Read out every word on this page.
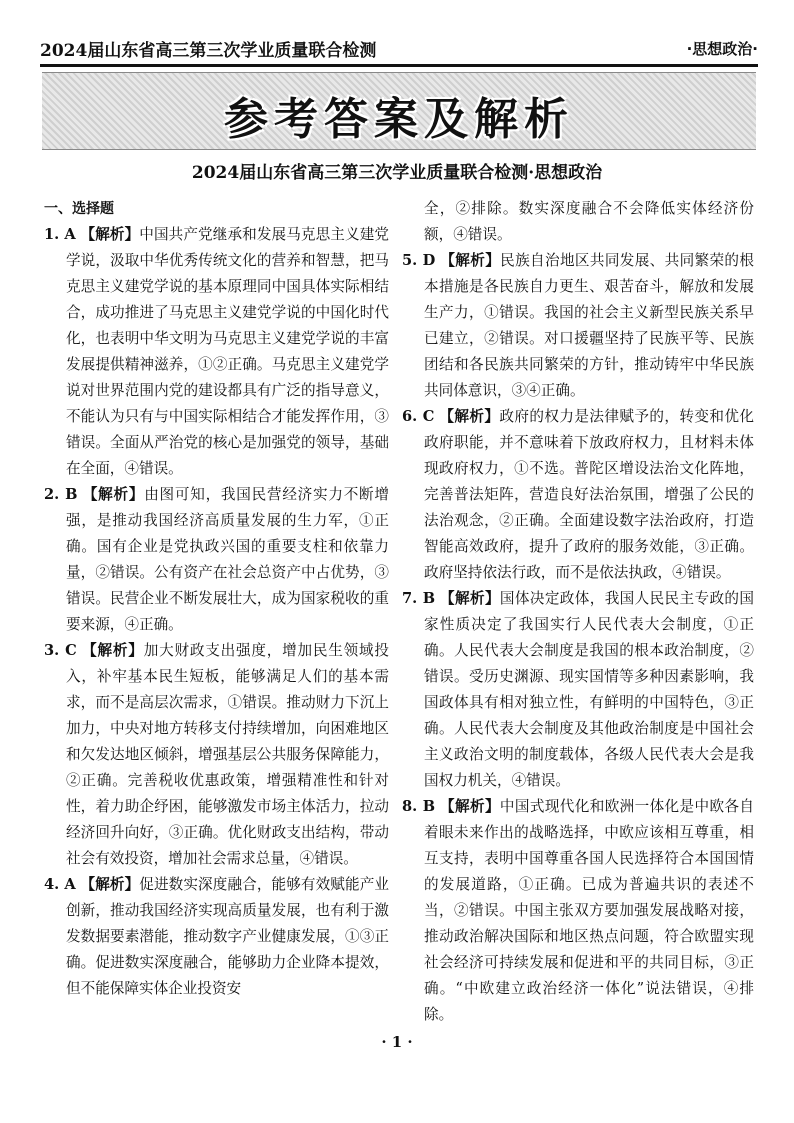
2024届山东省高三第三次学业质量联合检测	·思想政治·
参考答案及解析
2024届山东省高三第三次学业质量联合检测·思想政治
一、选择题

1. A 【解析】中国共产党继承和发展马克思主义建党学说，汲取中华优秀传统文化的营养和智慧，把马克思主义建党学说的基本原理同中国具体实际相结合，成功推进了马克思主义建党学说的中国化时代化，也表明中华文明为马克思主义建党学说的丰富发展提供精神滋养，①②正确。马克思主义建党学说对世界范围内党的建设都具有广泛的指导意义，不能认为只有与中国实际相结合才能发挥作用，③错误。全面从严治党的核心是加强党的领导，基础在全面，④错误。

2. B 【解析】由图可知，我国民营经济实力不断增强，是推动我国经济高质量发展的生力军，①正确。国有企业是党执政兴国的重要支柱和依靠力量，②错误。公有资产在社会总资产中占优势，③错误。民营企业不断发展壮大，成为国家税收的重要来源，④正确。

3. C 【解析】加大财政支出强度，增加民生领域投入，补牢基本民生短板，能够满足人们的基本需求，而不是高层次需求，①错误。推动财力下沉上加力，中央对地方转移支付持续增加，向困难地区和欠发达地区倾斜，增强基层公共服务保障能力，②正确。完善税收优惠政策，增强精准性和针对性，着力助企纾困，能够激发市场主体活力，拉动经济回升向好，③正确。优化财政支出结构，带动社会有效投资，增加社会需求总量，④错误。

4. A 【解析】促进数实深度融合，能够有效赋能产业创新，推动我国经济实现高质量发展，也有利于激发数据要素潜能，推动数字产业健康发展，①③正确。促进数实深度融合，能够助力企业降本提效，但不能保障实体企业投资安

全，②排除。数实深度融合不会降低实体经济份额，④错误。

5. D 【解析】民族自治地区共同发展、共同繁荣的根本措施是各民族自力更生、艰苦奋斗，解放和发展生产力，①错误。我国的社会主义新型民族关系早已建立，②错误。对口援疆坚持了民族平等、民族团结和各民族共同繁荣的方针，推动铸牢中华民族共同体意识，③④正确。

6. C 【解析】政府的权力是法律赋予的，转变和优化政府职能，并不意味着下放政府权力，且材料未体现政府权力，①不选。普陀区增设法治文化阵地，完善普法矩阵，营造良好法治氛围，增强了公民的法治观念，②正确。全面建设数字法治政府，打造智能高效政府，提升了政府的服务效能，③正确。政府坚持依法行政，而不是依法执政，④错误。

7. B 【解析】国体决定政体，我国人民民主专政的国家性质决定了我国实行人民代表大会制度，①正确。人民代表大会制度是我国的根本政治制度，②错误。受历史渊源、现实国情等多种因素影响，我国政体具有相对独立性，有鲜明的中国特色，③正确。人民代表大会制度及其他政治制度是中国社会主义政治文明的制度载体，各级人民代表大会是我国权力机关，④错误。

8. B 【解析】中国式现代化和欧洲一体化是中欧各自着眼未来作出的战略选择，中欧应该相互尊重，相互支持，表明中国尊重各国人民选择符合本国国情的发展道路，①正确。已成为普遍共识的表述不当，②错误。中国主张双方要加强发展战略对接，推动政治解决国际和地区热点问题，符合欧盟实现社会经济可持续发展和促进和平的共同目标，③正确。“中欧建立政治经济一体化”说法错误，④排除。

· 1 ·
